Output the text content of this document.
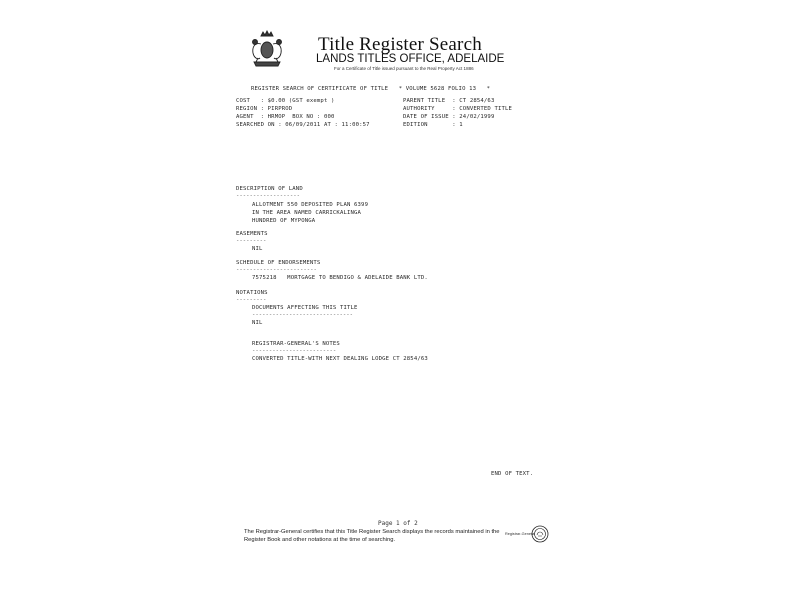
Title Register Search
LANDS TITLES OFFICE, ADELAIDE
For a Certificate of Title issued pursuant to the Real Property Act 1886
REGISTER SEARCH OF CERTIFICATE OF TITLE   * VOLUME 5628 FOLIO 13   *
COST   : $0.00 (GST exempt )
REGION : PIRPROD
AGENT  : HRMOP  BOX NO : 000
SEARCHED ON : 06/09/2011 AT : 11:00:57
PARENT TITLE  : CT 2854/63
AUTHORITY     : CONVERTED TITLE
DATE OF ISSUE : 24/02/1999
EDITION       : 1
DESCRIPTION OF LAND
-------------------
ALLOTMENT 550 DEPOSITED PLAN 6399
IN THE AREA NAMED CARRICKALINGA
HUNDRED OF MYPONGA
EASEMENTS
---------
NIL
SCHEDULE OF ENDORSEMENTS
------------------------
7575218   MORTGAGE TO BENDIGO & ADELAIDE BANK LTD.
NOTATIONS
---------
DOCUMENTS AFFECTING THIS TITLE
------------------------------
NIL
REGISTRAR-GENERAL'S NOTES
-------------------------
CONVERTED TITLE-WITH NEXT DEALING LODGE CT 2854/63
END OF TEXT.
Page 1 of 2
The Registrar-General certifies that this Title Register Search displays the records maintained in the Register Book and other notations at the time of searching.
Registrar-General
